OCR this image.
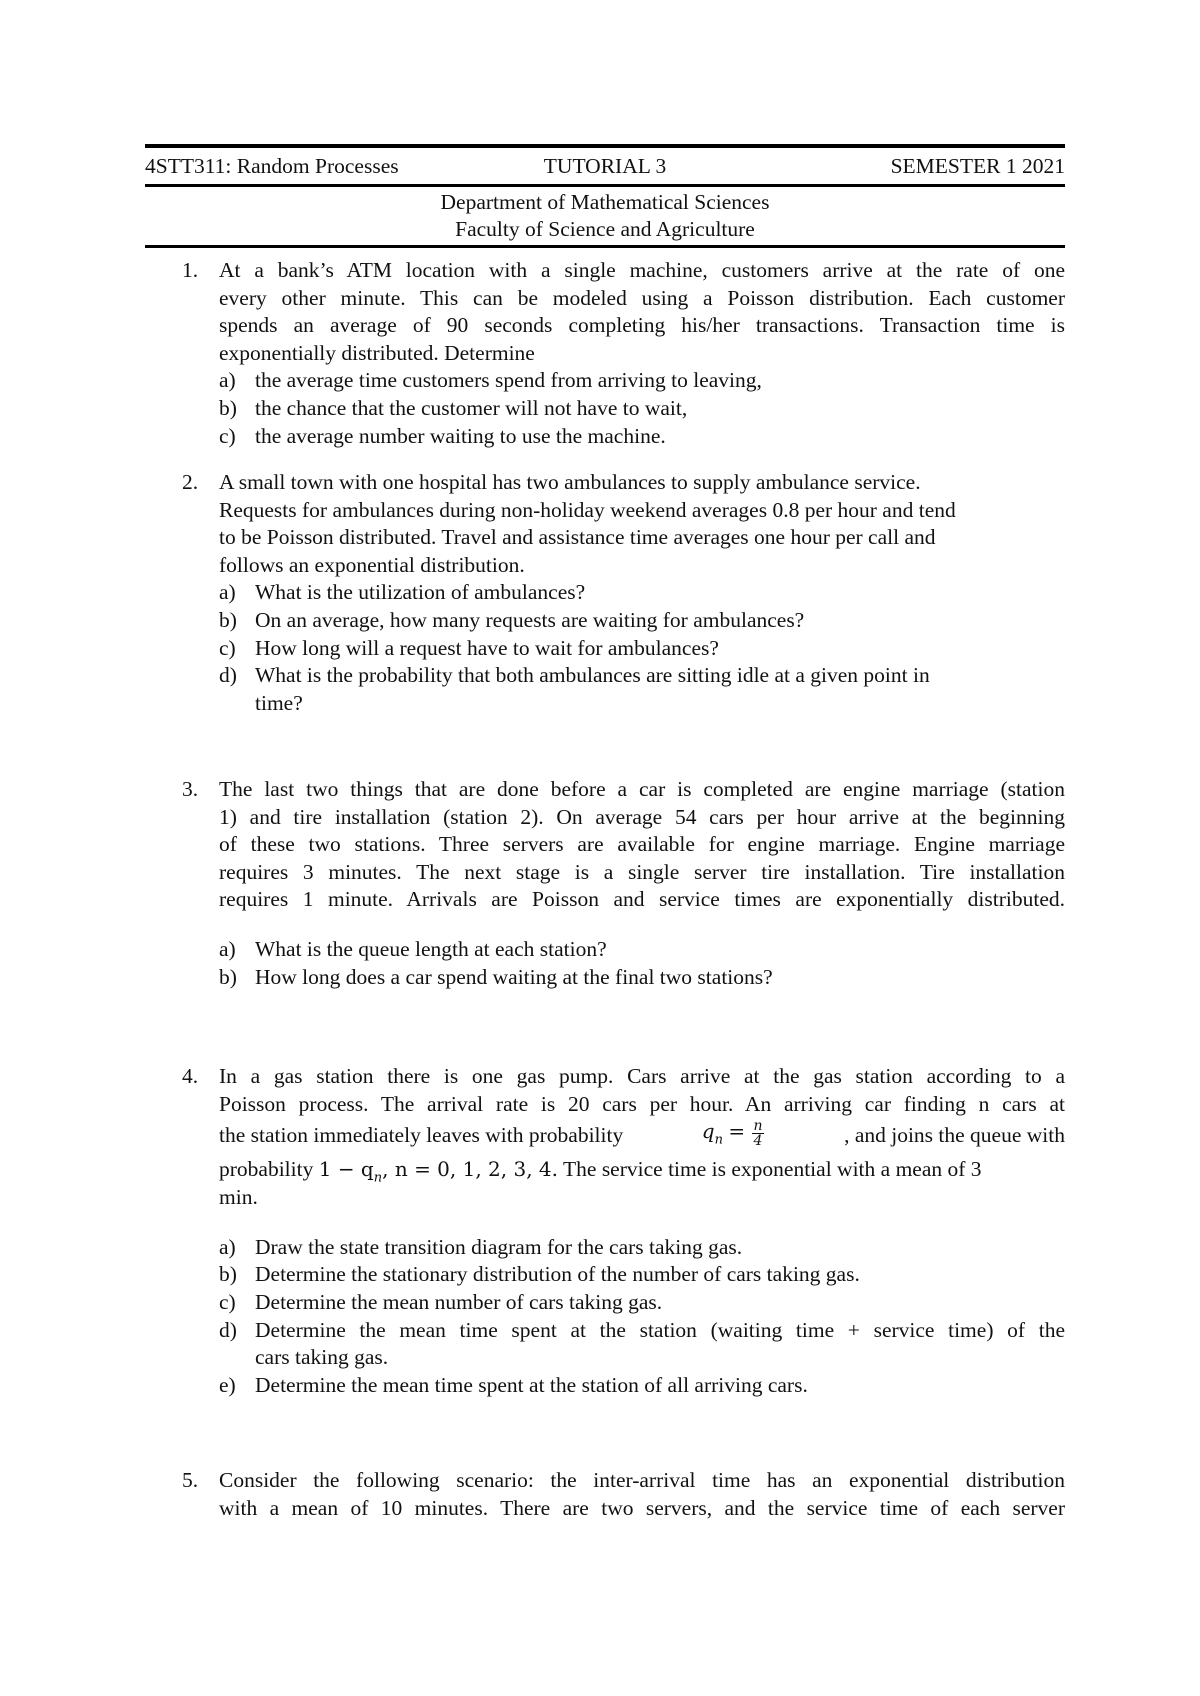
4STT311: Random Processes	SEMESTER 1 2021
TUTORIAL 3
Department of Mathematical Sciences
Faculty of Science and Agriculture
1. At a bank’s ATM location with a single machine, customers arrive at the rate of one
every other minute. This can be modeled using a Poisson distribution. Each customer
spends an average of 90 seconds completing his/her transactions. Transaction time is
exponentially distributed. Determine
a) the average time customers spend from arriving to leaving,
b) the chance that the customer will not have to wait,
c) the average number waiting to use the machine.
2. A small town with one hospital has two ambulances to supply ambulance service.
Requests for ambulances during non-holiday weekend averages 0.8 per hour and tend
to be Poisson distributed. Travel and assistance time averages one hour per call and
follows an exponential distribution.
a) What is the utilization of ambulances?
b) On an average, how many requests are waiting for ambulances?
c) How long will a request have to wait for ambulances?
d) What is the probability that both ambulances are sitting idle at a given point in
time?
3. The last two things that are done before a car is completed are engine marriage (station
1) and tire installation (station 2). On average 54 cars per hour arrive at the beginning
of these two stations. Three servers are available for engine marriage. Engine marriage
requires 3 minutes. The next stage is a single server tire installation. Tire installation
requires 1 minute. Arrivals are Poisson and service times are exponentially distributed.
a) What is the queue length at each station?
b) How long does a car spend waiting at the final two stations?
4. In a gas station there is one gas pump. Cars arrive at the gas station according to a
Poisson process. The arrival rate is 20 cars per hour. An arriving car finding n cars at
the station immediately leaves with probability	$q_n = \frac{n}{4}$	, and joins the queue with
probability $1 - q_n$, n = 0, 1, 2, 3, 4. The service time is exponential with a mean of 3
min.
a) Draw the state transition diagram for the cars taking gas.
b) Determine the stationary distribution of the number of cars taking gas.
c) Determine the mean number of cars taking gas.
d) Determine the mean time spent at the station (waiting time + service time) of the
cars taking gas.
e) Determine the mean time spent at the station of all arriving cars.
5. Consider the following scenario: the inter-arrival time has an exponential distribution
with a mean of 10 minutes. There are two servers, and the service time of each server
